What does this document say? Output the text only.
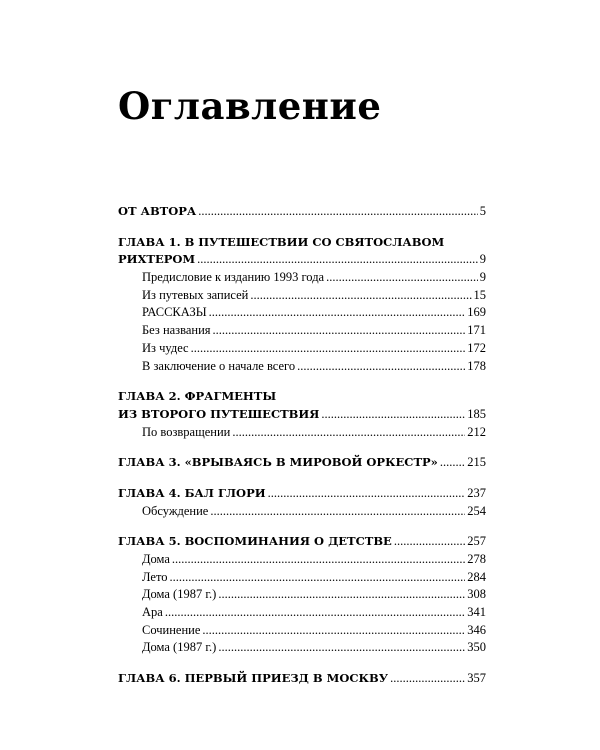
Оглавление
ОТ АВТОРА .....	5
ГЛАВА 1. В ПУТЕШЕСТВИИ СО СВЯТОСЛАВОМ
РИХТЕРОМ .....	9
Предисловие к изданию 1993 года .....	9
Из путевых записей .....	15
РАССКАЗЫ .....	169
Без названия .....	171
Из чудес .....	172
В заключение о начале всего .....	178
ГЛАВА 2. ФРАГМЕНТЫ
ИЗ ВТОРОГО ПУТЕШЕСТВИЯ .....	185
По возвращении .....	212
ГЛАВА 3. «ВРЫВАЯСЬ В МИРОВОЙ ОРКЕСТР» ..... 215
ГЛАВА 4. БАЛ ГЛОРИ .....	237
Обсуждение .....	254
ГЛАВА 5. ВОСПОМИНАНИЯ О ДЕТСТВЕ .....	257
Дома .....	278
Лето .....	284
Дома (1987 г.) .....	308
Ара .....	341
Сочинение .....	346
Дома (1987 г.) .....	350
ГЛАВА 6. ПЕРВЫЙ ПРИЕЗД В МОСКВУ .....	357
